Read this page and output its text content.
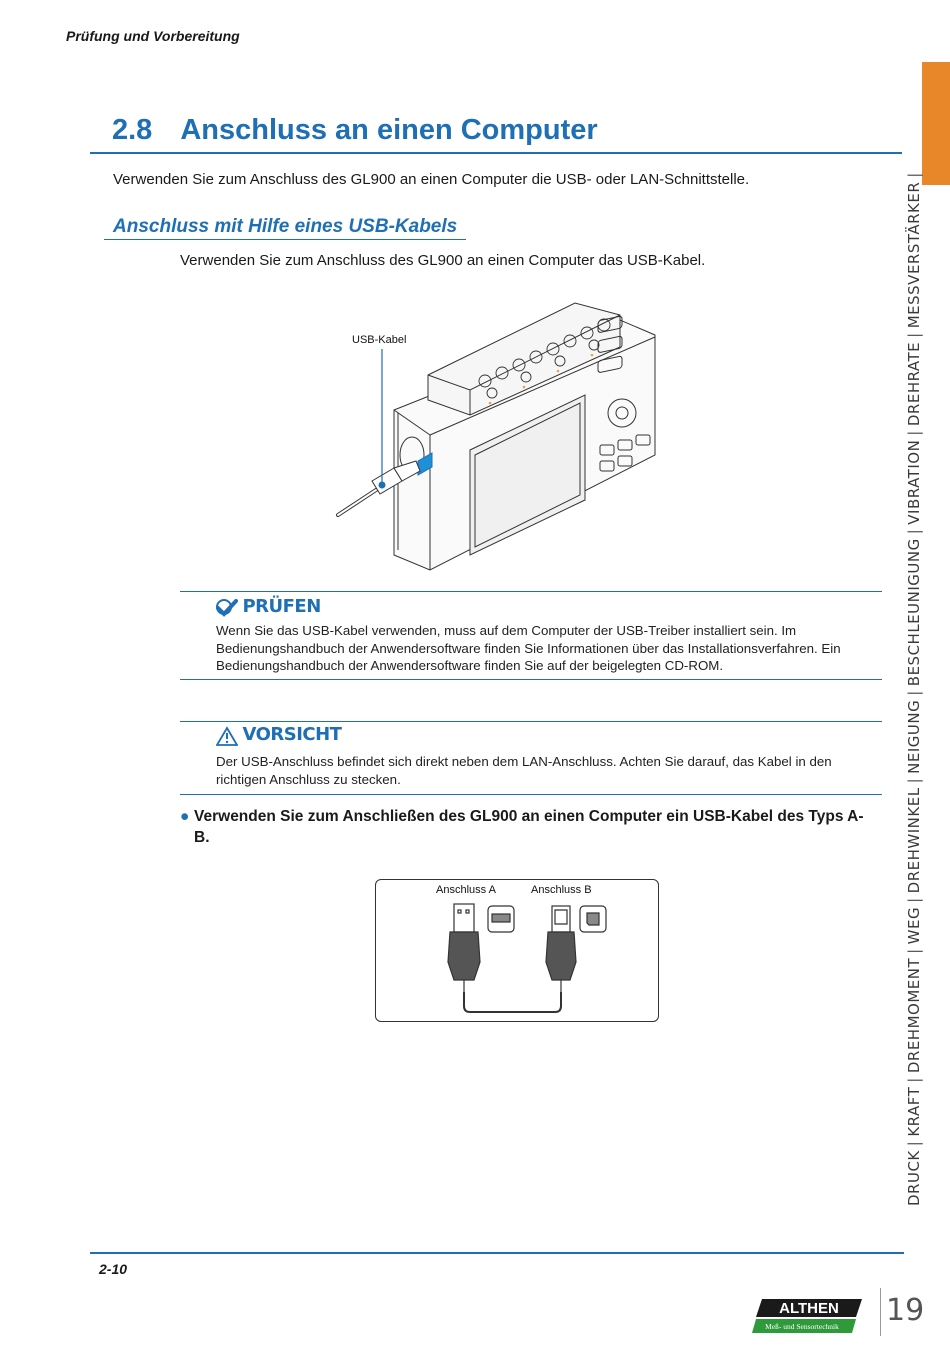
Prüfung und Vorbereitung
2.8 Anschluss an einen Computer
Verwenden Sie zum Anschluss des GL900 an einen Computer die USB- oder LAN-Schnittstelle.
Anschluss mit Hilfe eines USB-Kabels
Verwenden Sie zum Anschluss des GL900 an einen Computer das USB-Kabel.
USB-Kabel
PRÜFEN
Wenn Sie das USB-Kabel verwenden, muss auf dem Computer der USB-Treiber installiert sein. Im Bedienungshandbuch der Anwendersoftware finden Sie Informationen über das Installationsverfahren. Ein Bedienungshandbuch der Anwendersoftware finden Sie auf der beigelegten CD-ROM.
VORSICHT
Der USB-Anschluss befindet sich direkt neben dem LAN-Anschluss. Achten Sie darauf, das Kabel in den richtigen Anschluss zu stecken.
● Verwenden Sie zum Anschließen des GL900 an einen Computer ein USB-Kabel des Typs A-B.
Anschluss A	Anschluss B
2-10
ALTHEN
Meß- und Sensortechnik 19
DRUCK
|
KRAFT
|
DREHMOMENT
|
WEG
|
DREHWINKEL
|
NEIGUNG
|
BESCHLEUNIGUNG
|
VIBRATION
|
DREHRATE
|
MESSVERSTÄRKER
|
DATENLOGGER
